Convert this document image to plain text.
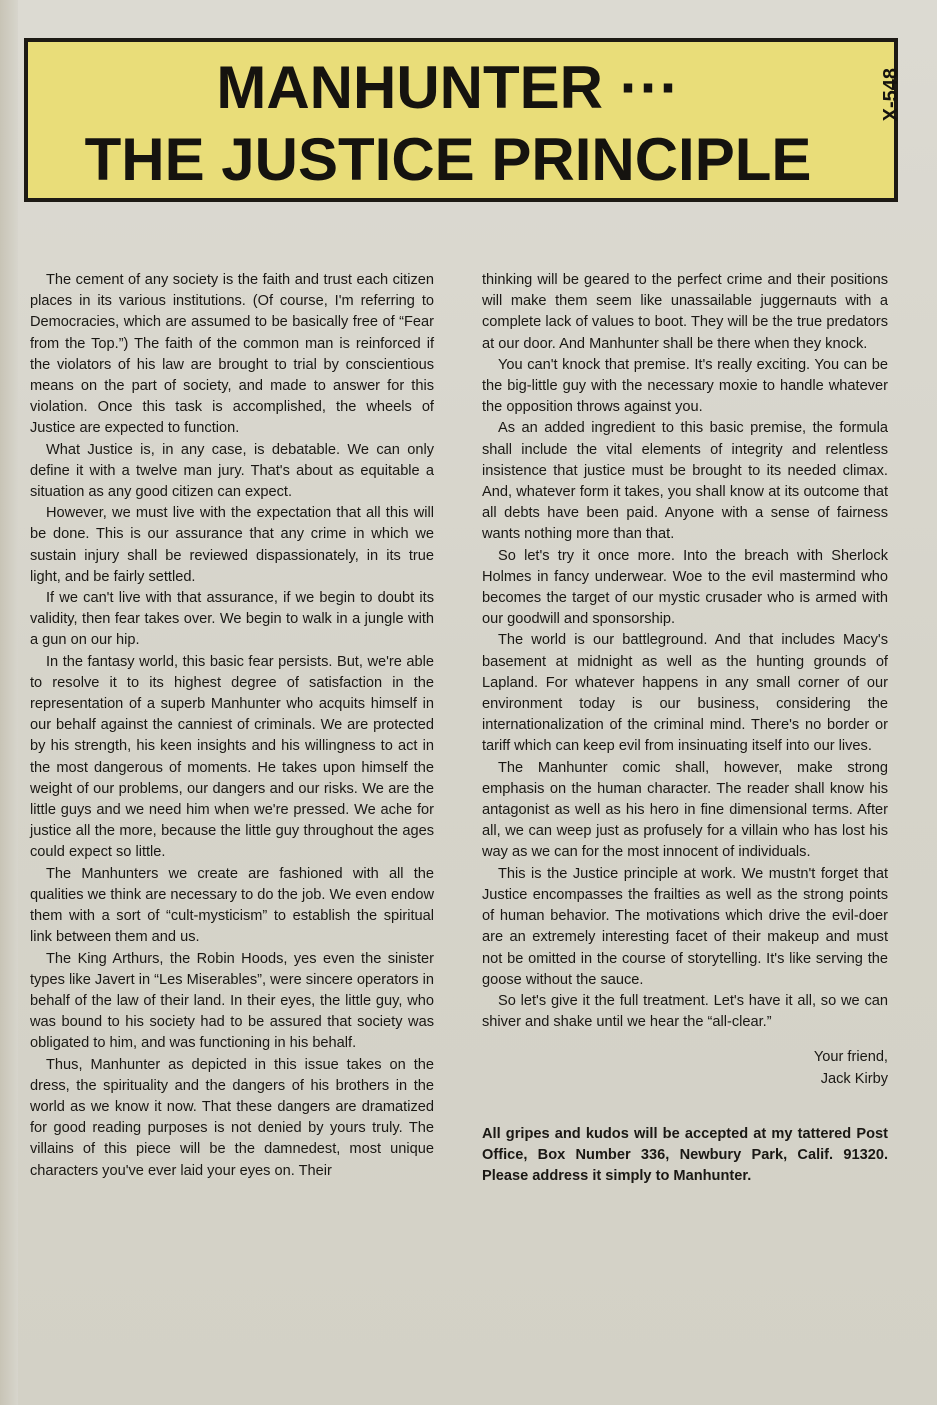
MANHUNTER ···
THE JUSTICE PRINCIPLE
X-548

The cement of any society is the faith and trust each citizen places in its various institutions. (Of course, I'm referring to Democracies, which are assumed to be basically free of “Fear from the Top.”) The faith of the common man is reinforced if the violators of his law are brought to trial by conscientious means on the part of society, and made to answer for this violation. Once this task is accomplished, the wheels of Justice are expected to function.

What Justice is, in any case, is debatable. We can only define it with a twelve man jury. That's about as equitable a situation as any good citizen can expect.

However, we must live with the expectation that all this will be done. This is our assurance that any crime in which we sustain injury shall be reviewed dispassionately, in its true light, and be fairly settled.

If we can't live with that assurance, if we begin to doubt its validity, then fear takes over. We begin to walk in a jungle with a gun on our hip.

In the fantasy world, this basic fear persists. But, we're able to resolve it to its highest degree of satisfaction in the representation of a superb Manhunter who acquits himself in our behalf against the canniest of criminals. We are protected by his strength, his keen insights and his willingness to act in the most dangerous of moments. He takes upon himself the weight of our problems, our dangers and our risks. We are the little guys and we need him when we're pressed. We ache for justice all the more, because the little guy throughout the ages could expect so little.

The Manhunters we create are fashioned with all the qualities we think are necessary to do the job. We even endow them with a sort of “cult-mysticism” to establish the spiritual link between them and us.

The King Arthurs, the Robin Hoods, yes even the sinister types like Javert in “Les Miserables”, were sincere operators in behalf of the law of their land. In their eyes, the little guy, who was bound to his society had to be assured that society was obligated to him, and was functioning in his behalf.

Thus, Manhunter as depicted in this issue takes on the dress, the spirituality and the dangers of his brothers in the world as we know it now. That these dangers are dramatized for good reading purposes is not denied by yours truly. The villains of this piece will be the damnedest, most unique characters you've ever laid your eyes on. Their

thinking will be geared to the perfect crime and their positions will make them seem like unassailable juggernauts with a complete lack of values to boot. They will be the true predators at our door. And Manhunter shall be there when they knock.

You can't knock that premise. It's really exciting. You can be the big-little guy with the necessary moxie to handle whatever the opposition throws against you.

As an added ingredient to this basic premise, the formula shall include the vital elements of integrity and relentless insistence that justice must be brought to its needed climax. And, whatever form it takes, you shall know at its outcome that all debts have been paid. Anyone with a sense of fairness wants nothing more than that.

So let's try it once more. Into the breach with Sherlock Holmes in fancy underwear. Woe to the evil mastermind who becomes the target of our mystic crusader who is armed with our goodwill and sponsorship.

The world is our battleground. And that includes Macy's basement at midnight as well as the hunting grounds of Lapland. For whatever happens in any small corner of our environment today is our business, considering the internationalization of the criminal mind. There's no border or tariff which can keep evil from insinuating itself into our lives.

The Manhunter comic shall, however, make strong emphasis on the human character. The reader shall know his antagonist as well as his hero in fine dimensional terms. After all, we can weep just as profusely for a villain who has lost his way as we can for the most innocent of individuals.

This is the Justice principle at work. We mustn't forget that Justice encompasses the frailties as well as the strong points of human behavior. The motivations which drive the evil-doer are an extremely interesting facet of their makeup and must not be omitted in the course of storytelling. It's like serving the goose without the sauce.

So let's give it the full treatment. Let's have it all, so we can shiver and shake until we hear the “all-clear.”

Your friend,
Jack Kirby
All gripes and kudos will be accepted at my tattered Post Office, Box Number 336, Newbury Park, Calif. 91320. Please address it simply to Manhunter.
